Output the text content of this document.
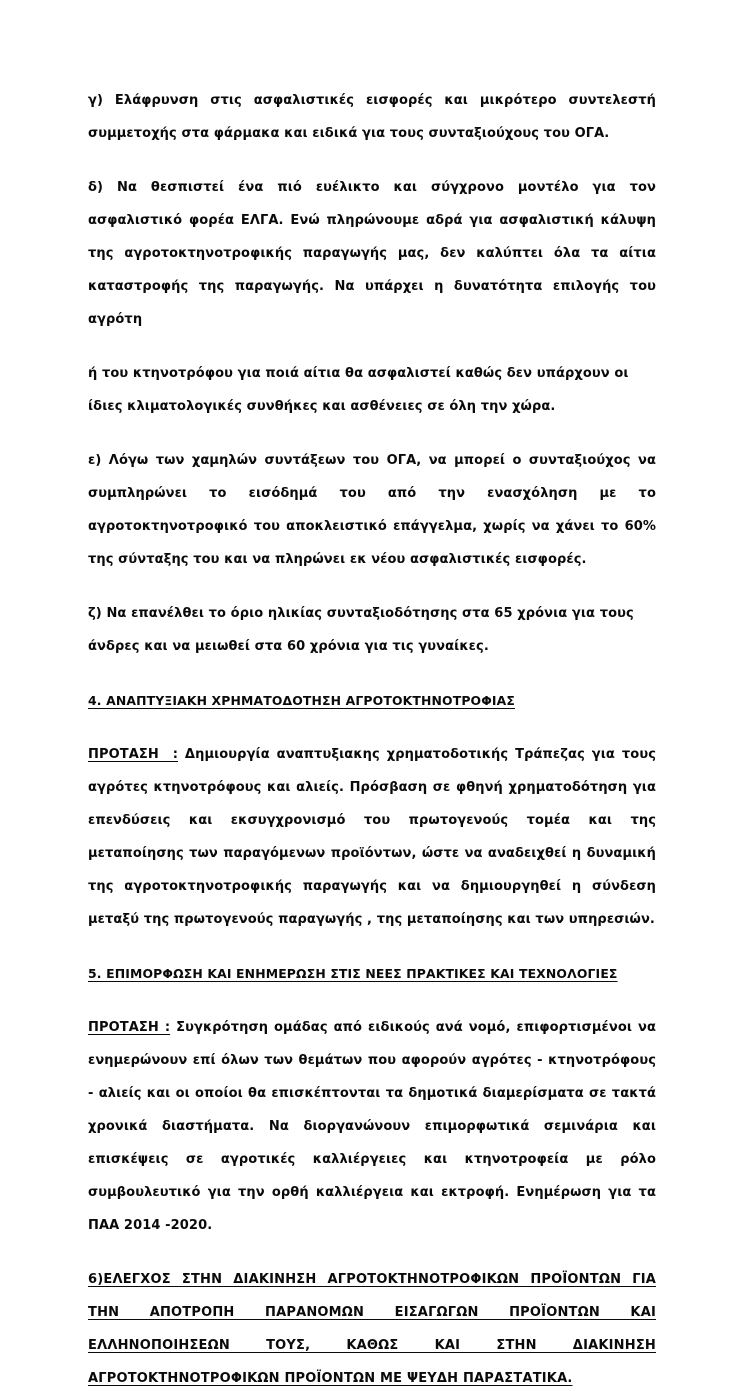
γ) Ελάφρυνση στις ασφαλιστικές εισφορές και μικρότερο συντελεστή συμμετοχής στα φάρμακα και ειδικά για τους συνταξιούχους του ΟΓΑ.

δ) Να θεσπιστεί ένα πιό ευέλικτο και σύγχρονο μοντέλο για τον ασφαλιστικό φορέα ΕΛΓΑ. Ενώ πληρώνουμε αδρά για ασφαλιστική κάλυψη της αγροτοκτηνοτροφικής παραγωγής μας, δεν καλύπτει όλα τα αίτια καταστροφής της παραγωγής. Να υπάρχει η δυνατότητα επιλογής του αγρότη

ή του κτηνοτρόφου για ποιά αίτια θα ασφαλιστεί καθώς δεν υπάρχουν οι ίδιες κλιματολογικές συνθήκες και ασθένειες σε όλη την χώρα.

ε) Λόγω των χαμηλών συντάξεων του ΟΓΑ, να μπορεί ο συνταξιούχος να συμπληρώνει το εισόδημά του από την ενασχόληση με το αγροτοκτηνοτροφικό του αποκλειστικό επάγγελμα, χωρίς να χάνει το 60% της σύνταξης του και να πληρώνει εκ νέου ασφαλιστικές εισφορές.

ζ) Να επανέλθει το όριο ηλικίας συνταξιοδότησης στα 65 χρόνια για τους άνδρες και να μειωθεί στα 60 χρόνια για τις γυναίκες.

4. ΑΝΑΠΤΥΞΙΑΚΗ ΧΡΗΜΑΤΟΔΟΤΗΣΗ ΑΓΡΟΤΟΚΤΗΝΟΤΡΟΦΙΑΣ

ΠΡΟΤΑΣΗ  : Δημιουργία αναπτυξιακης χρηματοδοτικής Τράπεζας για τους αγρότες κτηνοτρόφους και αλιείς. Πρόσβαση σε φθηνή χρηματοδότηση για επενδύσεις και εκσυγχρονισμό του πρωτογενούς τομέα και της μεταποίησης των παραγόμενων προϊόντων, ώστε να αναδειχθεί η δυναμική της αγροτοκτηνοτροφικής παραγωγής και να δημιουργηθεί η σύνδεση μεταξύ της πρωτογενούς παραγωγής , της μεταποίησης και των υπηρεσιών.

5. ΕΠΙΜΟΡΦΩΣΗ ΚΑΙ ΕΝΗΜΕΡΩΣΗ ΣΤΙΣ ΝΕΕΣ ΠΡΑΚΤΙΚΕΣ ΚΑΙ ΤΕΧΝΟΛΟΓΙΕΣ

ΠΡΟΤΑΣΗ : Συγκρότηση ομάδας από ειδικούς ανά νομό, επιφορτισμένοι να ενημερώνουν επί όλων των θεμάτων που αφορούν αγρότες - κτηνοτρόφους - αλιείς και οι οποίοι θα επισκέπτονται τα δημοτικά διαμερίσματα σε τακτά χρονικά διαστήματα. Να διοργανώνουν επιμορφωτικά σεμινάρια και επισκέψεις σε αγροτικές καλλιέργειες και κτηνοτροφεία με ρόλο συμβουλευτικό για την ορθή καλλιέργεια και εκτροφή. Ενημέρωση για τα ΠΑΑ 2014 -2020.

6)ΕΛΕΓΧΟΣ ΣΤΗΝ ΔΙΑΚΙΝΗΣΗ ΑΓΡΟΤΟΚΤΗΝΟΤΡΟΦΙΚΩΝ ΠΡΟΪΟΝΤΩΝ ΓΙΑ ΤΗΝ ΑΠΟΤΡΟΠΗ ΠΑΡΑΝΟΜΩΝ ΕΙΣΑΓΩΓΩΝ ΠΡΟΪΟΝΤΩΝ ΚΑΙ ΕΛΛΗΝΟΠΟΙΗΣΕΩΝ ΤΟΥΣ, ΚΑΘΩΣ ΚΑΙ ΣΤΗΝ ΔΙΑΚΙΝΗΣΗ ΑΓΡΟΤΟΚΤΗΝΟΤΡΟΦΙΚΩΝ ΠΡΟΪΟΝΤΩΝ ΜΕ ΨΕΥΔΗ ΠΑΡΑΣΤΑΤΙΚΑ.
